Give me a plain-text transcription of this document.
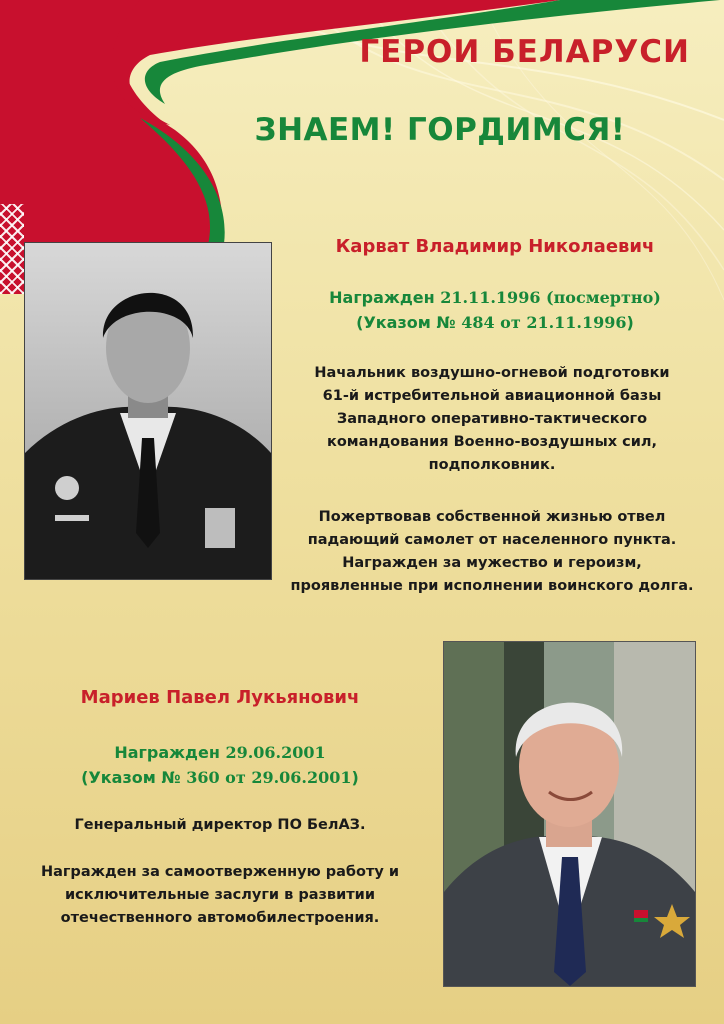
ГЕРОИ БЕЛАРУСИ
ЗНАЕМ! ГОРДИМСЯ!
Карват Владимир Николаевич
Награжден 21.11.1996 (посмертно)
(Указом № 484 от 21.11.1996)

Начальник воздушно-огневой подготовки
61-й истребительной авиационной базы
Западного оперативно-тактического
командования Военно-воздушных сил,
подполковник.

Пожертвовав собственной жизнью отвел
падающий самолет от населенного пункта.
Награжден за мужество и героизм,
проявленные при исполнении воинского долга.

Мариев Павел Лукьянович
Награжден 29.06.2001
(Указом № 360 от 29.06.2001)

Генеральный директор ПО БелАЗ.

Награжден за самоотверженную работу и
исключительные заслуги в развитии
отечественного автомобилестроения.
